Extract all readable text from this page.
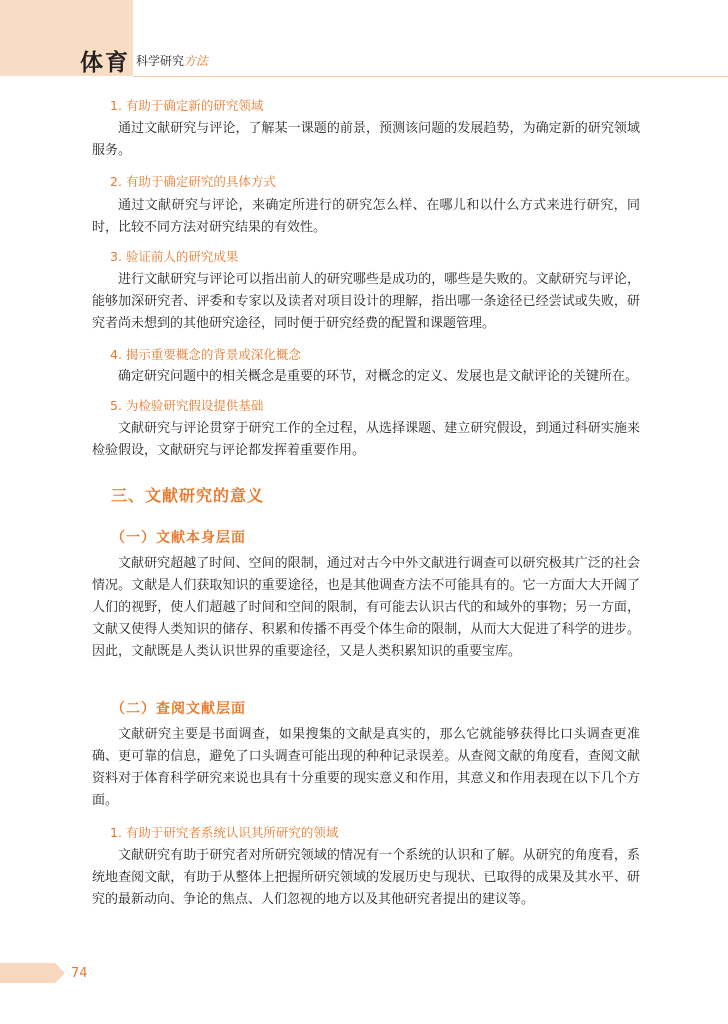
体育 科学研究方法
1. 有助于确定新的研究领域
通过文献研究与评论，了解某一课题的前景，预测该问题的发展趋势，为确定新的研究领域服务。
2. 有助于确定研究的具体方式
通过文献研究与评论，来确定所进行的研究怎么样、在哪儿和以什么方式来进行研究，同时，比较不同方法对研究结果的有效性。
3. 验证前人的研究成果
进行文献研究与评论可以指出前人的研究哪些是成功的，哪些是失败的。文献研究与评论，能够加深研究者、评委和专家以及读者对项目设计的理解，指出哪一条途径已经尝试或失败，研究者尚未想到的其他研究途径，同时便于研究经费的配置和课题管理。
4. 揭示重要概念的背景或深化概念
确定研究问题中的相关概念是重要的环节，对概念的定义、发展也是文献评论的关键所在。
5. 为检验研究假设提供基础
文献研究与评论贯穿于研究工作的全过程，从选择课题、建立研究假设，到通过科研实施来检验假设，文献研究与评论都发挥着重要作用。
三、文献研究的意义
（一）文献本身层面
文献研究超越了时间、空间的限制，通过对古今中外文献进行调查可以研究极其广泛的社会情况。文献是人们获取知识的重要途径，也是其他调查方法不可能具有的。它一方面大大开阔了人们的视野，使人们超越了时间和空间的限制，有可能去认识古代的和域外的事物；另一方面，文献又使得人类知识的储存、积累和传播不再受个体生命的限制，从而大大促进了科学的进步。因此，文献既是人类认识世界的重要途径，又是人类积累知识的重要宝库。
（二）查阅文献层面
文献研究主要是书面调查，如果搜集的文献是真实的，那么它就能够获得比口头调查更准确、更可靠的信息，避免了口头调查可能出现的种种记录误差。从查阅文献的角度看，查阅文献资料对于体育科学研究来说也具有十分重要的现实意义和作用，其意义和作用表现在以下几个方面。
1. 有助于研究者系统认识其所研究的领域
文献研究有助于研究者对所研究领域的情况有一个系统的认识和了解。从研究的角度看，系统地查阅文献，有助于从整体上把握所研究领域的发展历史与现状、已取得的成果及其水平、研究的最新动向、争论的焦点、人们忽视的地方以及其他研究者提出的建议等。
74
